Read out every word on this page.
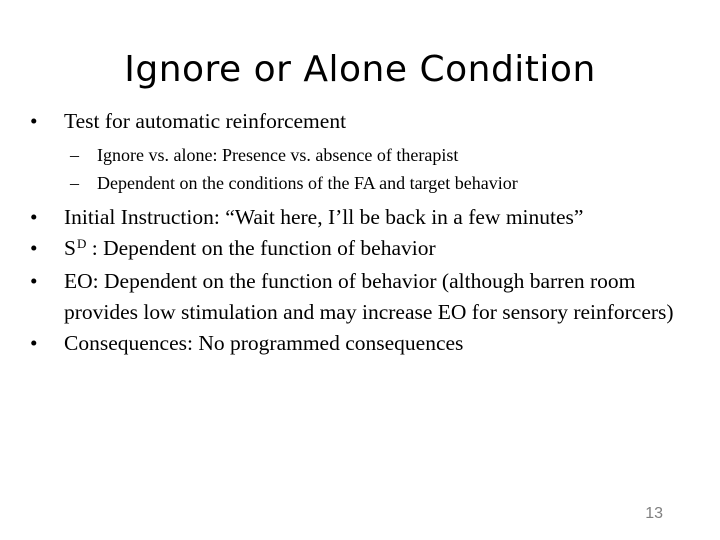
Ignore or Alone Condition
• Test for automatic reinforcement
– Ignore vs. alone: Presence vs. absence of therapist
– Dependent on the conditions of the FA and target behavior
• Initial Instruction: “Wait here, I’ll be back in a few minutes”
• $S^D$ : Dependent on the function of behavior
• EO: Dependent on the function of behavior (although barren room provides low stimulation and may increase EO for sensory reinforcers)
• Consequences: No programmed consequences
13
